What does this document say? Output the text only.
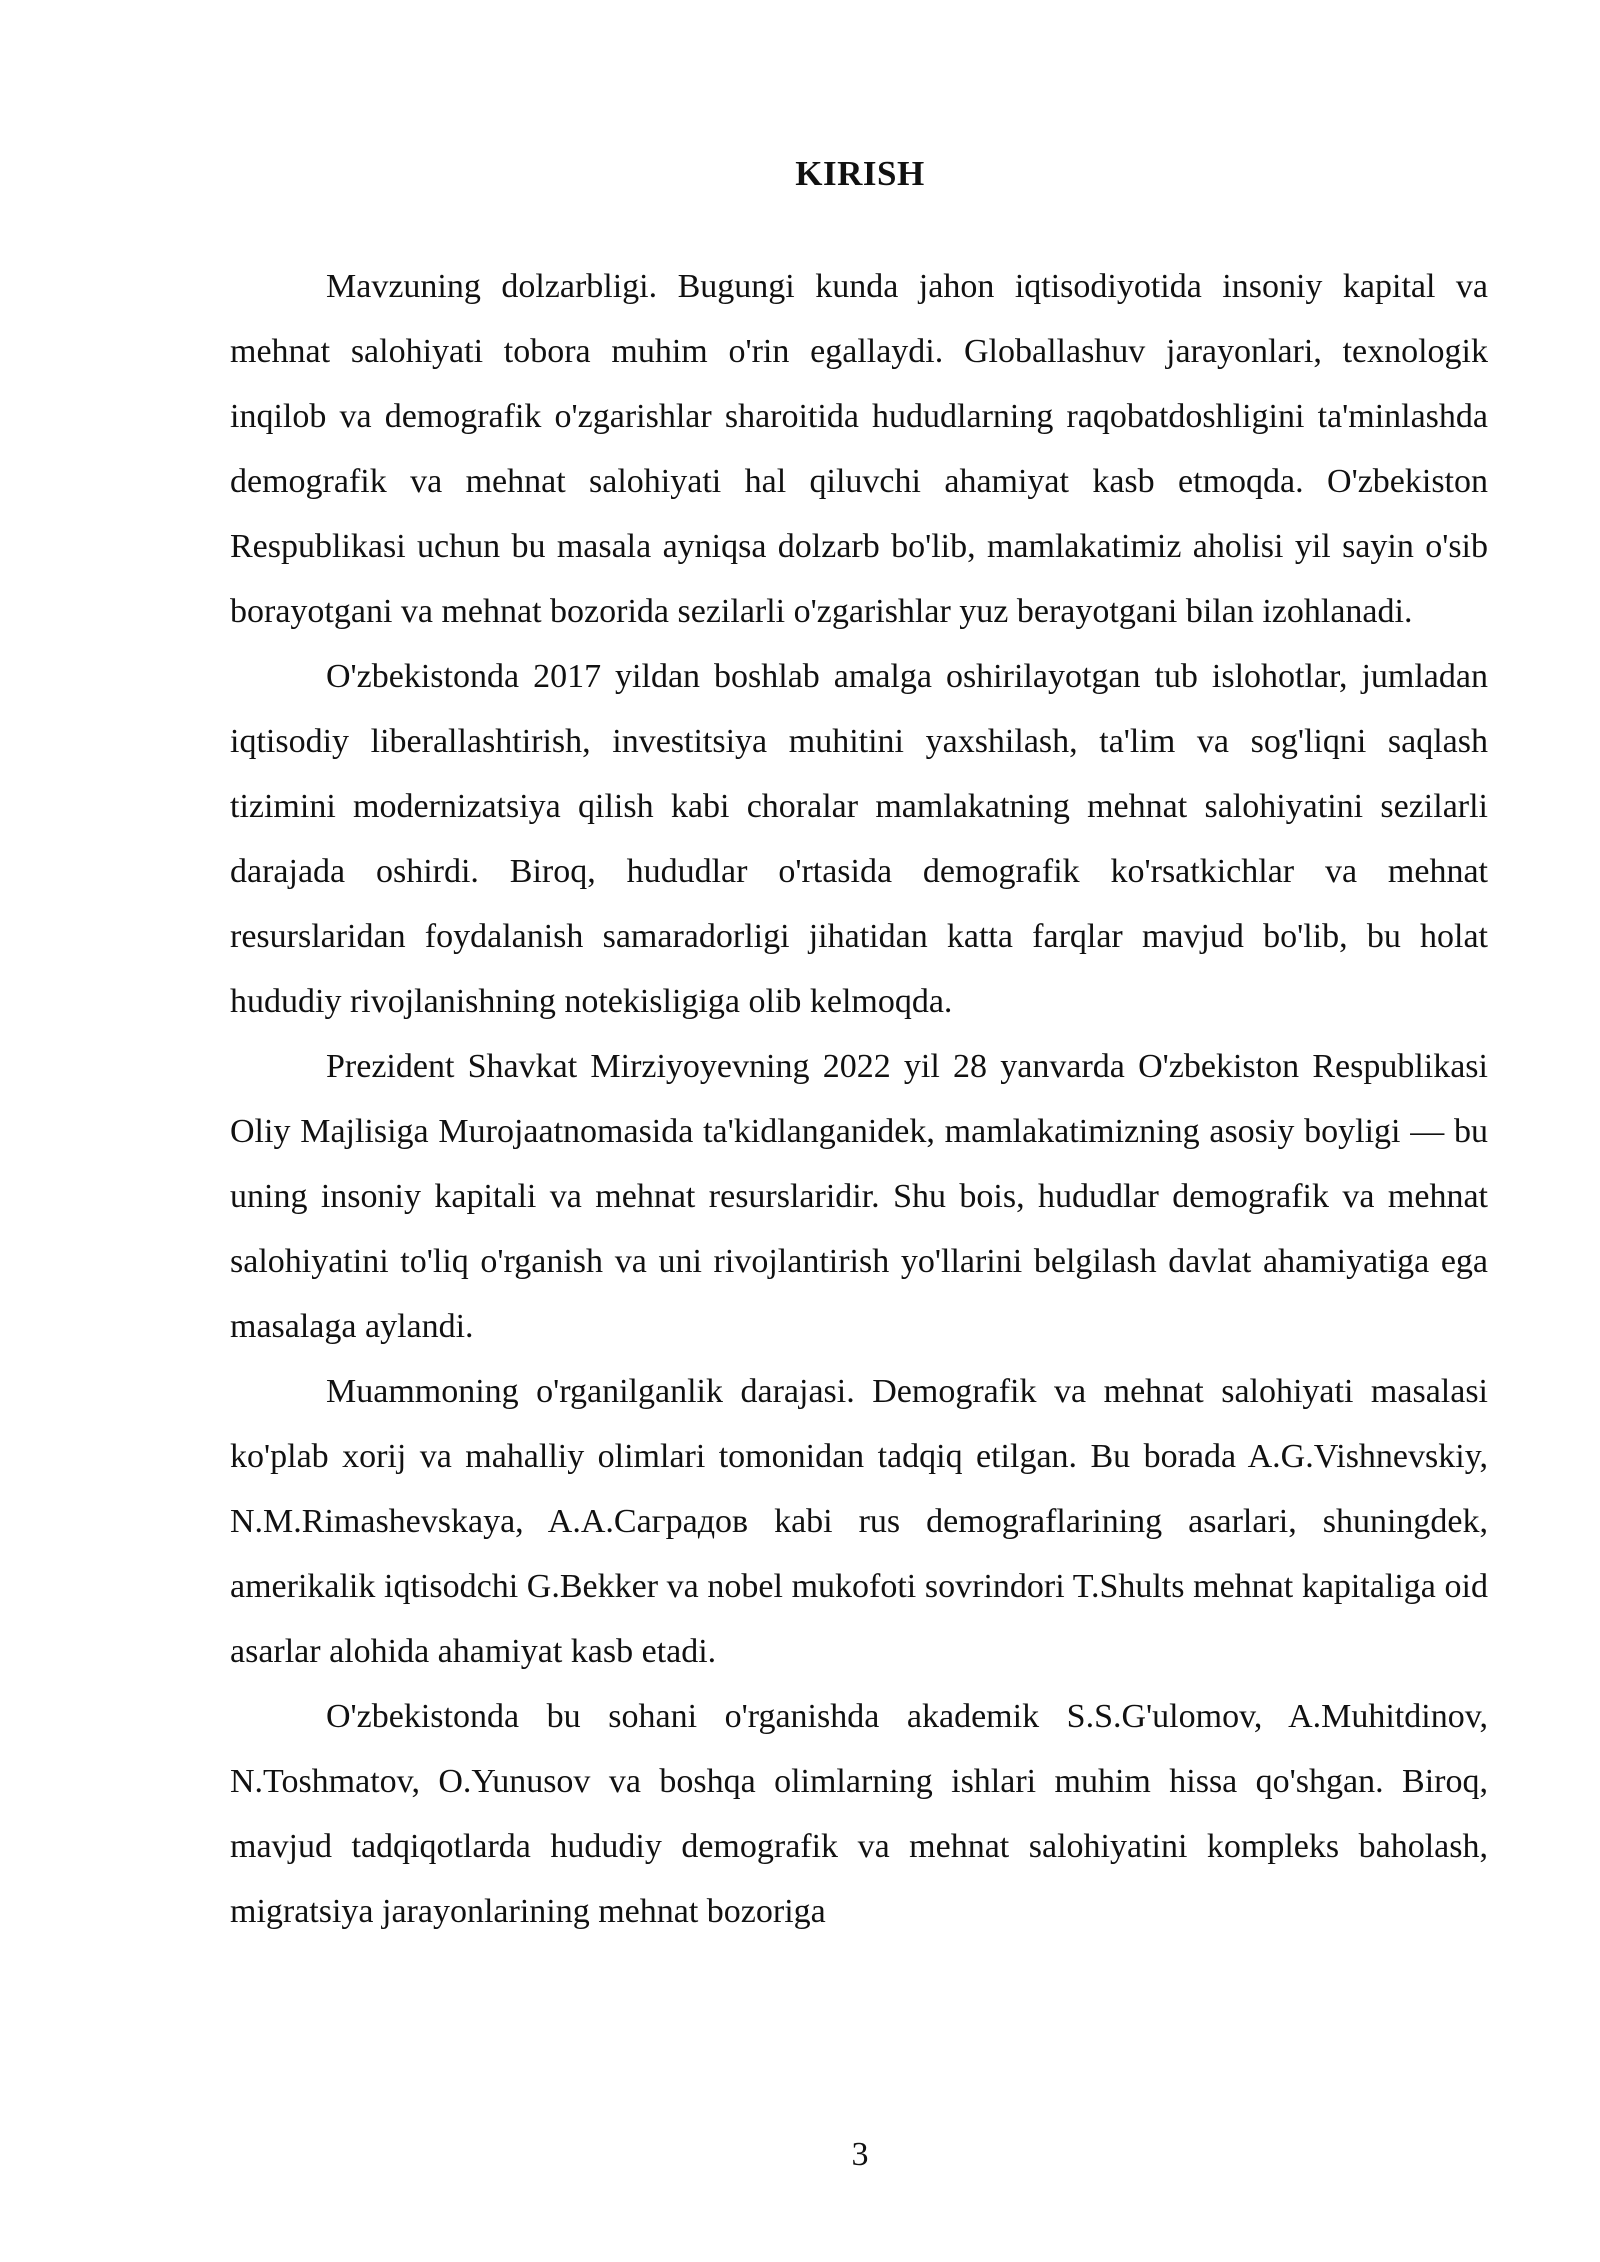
KIRISH

Mavzuning dolzarbligi. Bugungi kunda jahon iqtisodiyotida insoniy kapital va mehnat salohiyati tobora muhim o'rin egallaydi. Globallashuv jarayonlari, texnologik inqilob va demografik o'zgarishlar sharoitida hududlarning raqobatdoshligini ta'minlashda demografik va mehnat salohiyati hal qiluvchi ahamiyat kasb etmoqda. O'zbekiston Respublikasi uchun bu masala ayniqsa dolzarb bo'lib, mamlakatimiz aholisi yil sayin o'sib borayotgani va mehnat bozorida sezilarli o'zgarishlar yuz berayotgani bilan izohlanadi.

O'zbekistonda 2017 yildan boshlab amalga oshirilayotgan tub islohotlar, jumladan iqtisodiy liberallashtirish, investitsiya muhitini yaxshilash, ta'lim va sog'liqni saqlash tizimini modernizatsiya qilish kabi choralar mamlakatning mehnat salohiyatini sezilarli darajada oshirdi. Biroq, hududlar o'rtasida demografik ko'rsatkichlar va mehnat resurslaridan foydalanish samaradorligi jihatidan katta farqlar mavjud bo'lib, bu holat hududiy rivojlanishning notekisligiga olib kelmoqda.

Prezident Shavkat Mirziyoyevning 2022 yil 28 yanvarda O'zbekiston Respublikasi Oliy Majlisiga Murojaatnomasida ta'kidlanganidek, mamlakatimizning asosiy boyligi — bu uning insoniy kapitali va mehnat resurslaridir. Shu bois, hududlar demografik va mehnat salohiyatini to'liq o'rganish va uni rivojlantirish yo'llarini belgilash davlat ahamiyatiga ega masalaga aylandi.

Muammoning o'rganilganlik darajasi. Demografik va mehnat salohiyati masalasi ko'plab xorij va mahalliy olimlari tomonidan tadqiq etilgan. Bu borada A.G.Vishnevskiy, N.M.Rimashevskaya, A.A.Саградов kabi rus demograflarining asarlari, shuningdek, amerikalik iqtisodchi G.Bekker va nobel mukofoti sovrindori T.Shults mehnat kapitaliga oid asarlar alohida ahamiyat kasb etadi.

O'zbekistonda bu sohani o'rganishda akademik S.S.G'ulomov, A.Muhitdinov, N.Toshmatov, O.Yunusov va boshqa olimlarning ishlari muhim hissa qo'shgan. Biroq, mavjud tadqiqotlarda hududiy demografik va mehnat salohiyatini kompleks baholash, migratsiya jarayonlarining mehnat bozoriga

3
